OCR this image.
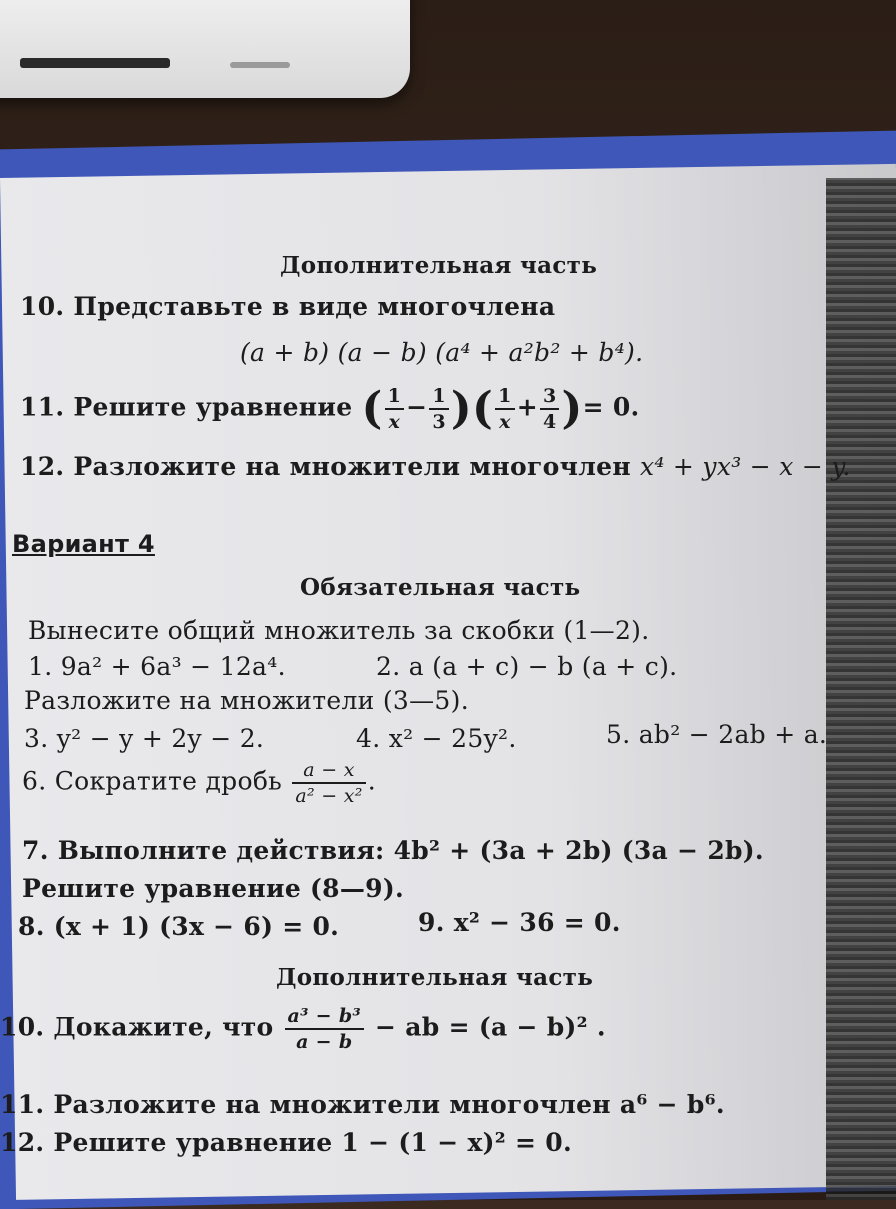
Дополнительная часть
10. Представьте в виде многочлена
(a + b) (a − b) (a⁴ + a²b² + b⁴).
11. Решите уравнение ( $\frac{1}{x} - \frac{1}{3}$ )( $\frac{1}{x} + \frac{3}{4}$ )= 0.
12. Разложите на множители многочлен x⁴ + yx³ − x − y.
Вариант 4
Обязательная часть
Вынесите общий множитель за скобки (1—2).
1. 9a² + 6a³ − 12a⁴.	2. a (a + c) − b (a + c).
Разложите на множители (3—5).
3. y² − y + 2y − 2.	4. x² − 25y².	5. ab² − 2ab + a.
6. Сократите дробь $\frac{a - x}{\text{a² − x²}}$ .
7. Выполните действия: 4b² + (3a + 2b) (3a − 2b).
Решите уравнение (8—9).
8. (x + 1) (3x − 6) = 0.	9. x² − 36 = 0.
Дополнительная часть
10. Докажите, что $\frac{\text{a³ − b³}}{a - b}$ − ab = (a − b)² .
11. Разложите на множители многочлен a⁶ − b⁶.
12. Решите уравнение 1 − (1 − x)² = 0.
